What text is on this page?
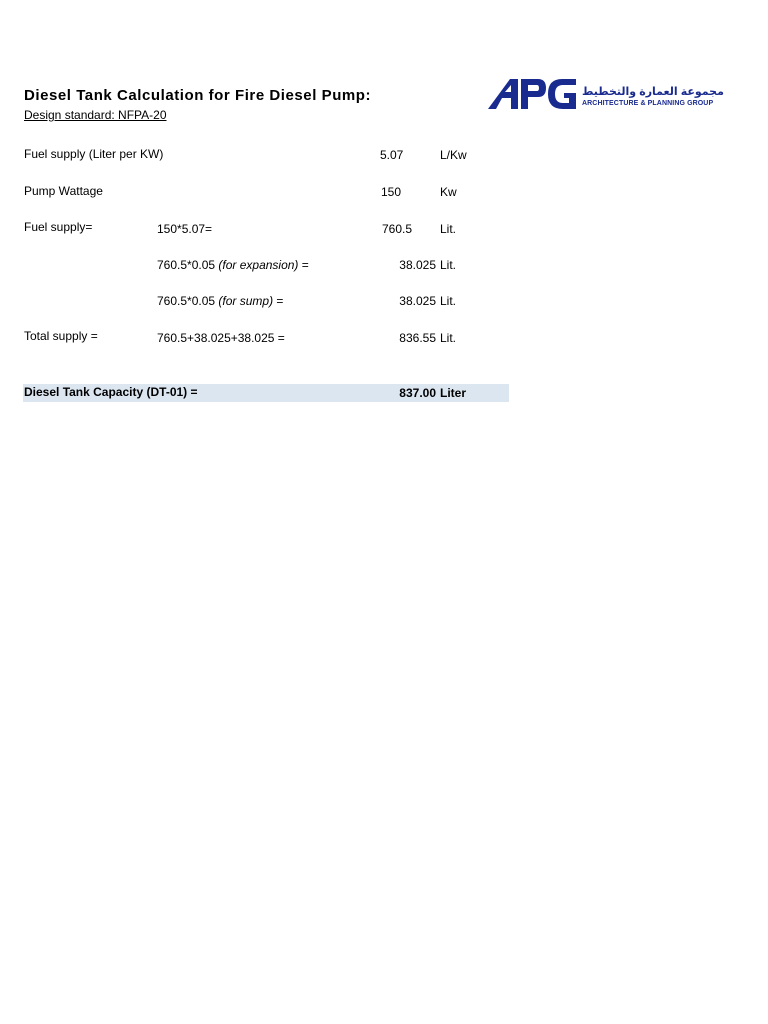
Diesel Tank Calculation for Fire Diesel Pump:
Design standard: NFPA-20
مجموعة العمارة والتخطيط
ARCHITECTURE & PLANNING GROUP
Fuel supply (Liter per KW)	5.07	L/Kw
Pump Wattage	150	Kw
Fuel supply=	150*5.07=	760.5 Lit.
760.5*0.05 (for expansion) =	38.025 Lit.
760.5*0.05 (for sump) =	38.025 Lit.
Total supply =	760.5+38.025+38.025 =	836.55 Lit.
Diesel Tank Capacity (DT-01) =	837.00 Liter
